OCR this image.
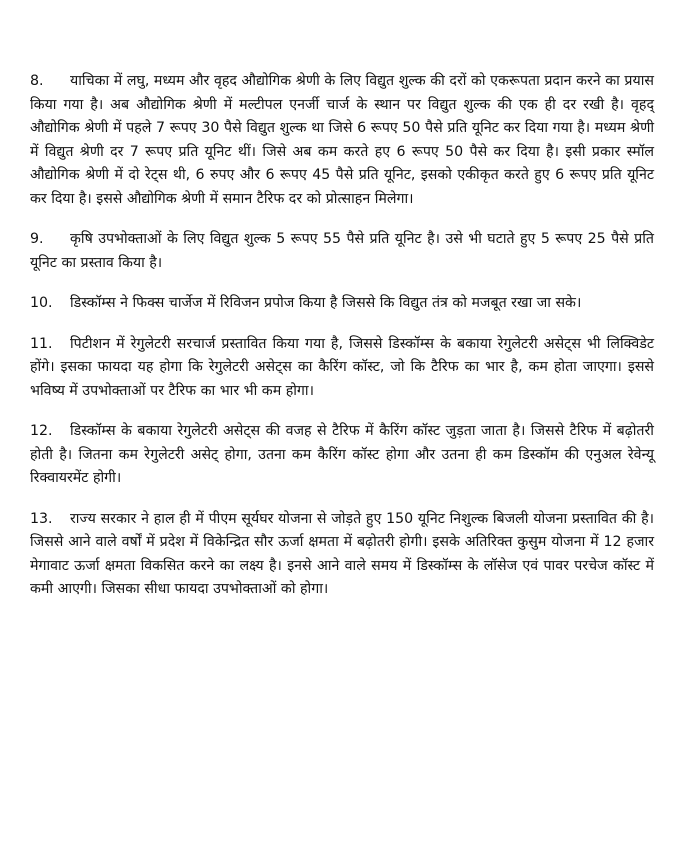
8. याचिका में लघु, मध्यम और वृहद औद्योगिक श्रेणी के लिए विद्युत शुल्क की दरों को एकरूपता प्रदान करने का प्रयास किया गया है। अब औद्योगिक श्रेणी में मल्टीपल एनर्जी चार्ज के स्थान पर विद्युत शुल्क की एक ही दर रखी है। वृहद् औद्योगिक श्रेणी में पहले 7 रूपए 30 पैसे विद्युत शुल्क था जिसे 6 रूपए 50 पैसे प्रति यूनिट कर दिया गया है। मध्यम श्रेणी में विद्युत श्रेणी दर 7 रूपए प्रति यूनिट थीं। जिसे अब कम करते हए 6 रूपए 50 पैसे कर दिया है। इसी प्रकार स्मॉल औद्योगिक श्रेणी में दो रेट्स थी, 6 रुपए और 6 रूपए 45 पैसे प्रति यूनिट, इसको एकीकृत करते हुए 6 रूपए प्रति यूनिट कर दिया है। इससे औद्योगिक श्रेणी में समान टैरिफ दर को प्रोत्साहन मिलेगा।

9. कृषि उपभोक्ताओं के लिए विद्युत शुल्क 5 रूपए 55 पैसे प्रति यूनिट है। उसे भी घटाते हुए 5 रूपए 25 पैसे प्रति यूनिट का प्रस्ताव किया है।

10. डिस्कॉम्स ने फिक्स चार्जेज में रिविजन प्रपोज किया है जिससे कि विद्युत तंत्र को मजबूत रखा जा सके।

11. पिटीशन में रेगुलेटरी सरचार्ज प्रस्तावित किया गया है, जिससे डिस्कॉम्स के बकाया रेगुलेटरी असेट्स भी लिक्विडेट होंगे। इसका फायदा यह होगा कि रेगुलेटरी असेट्स का कैरिंग कॉस्ट, जो कि टैरिफ का भार है, कम होता जाएगा। इससे भविष्य में उपभोक्ताओं पर टैरिफ का भार भी कम होगा।

12. डिस्कॉम्स के बकाया रेगुलेटरी असेट्स की वजह से टैरिफ में कैरिंग कॉस्ट जुड़ता जाता है। जिससे टैरिफ में बढ़ोतरी होती है। जितना कम रेगुलेटरी असेट् होगा, उतना कम कैरिंग कॉस्ट होगा और उतना ही कम डिस्कॉम की एनुअल रेवेन्यू रिक्वायरमेंट होगी।

13. राज्य सरकार ने हाल ही में पीएम सूर्यघर योजना से जोड़ते हुए 150 यूनिट निशुल्क बिजली योजना प्रस्तावित की है। जिससे आने वाले वर्षों में प्रदेश में विकेन्द्रित सौर ऊर्जा क्षमता में बढ़ोतरी होगी। इसके अतिरिक्त कुसुम योजना में 12 हजार मेगावाट ऊर्जा क्षमता विकसित करने का लक्ष्य है। इनसे आने वाले समय में डिस्कॉम्स के लॉसेज एवं पावर परचेज कॉस्ट में कमी आएगी। जिसका सीधा फायदा उपभोक्ताओं को होगा।
